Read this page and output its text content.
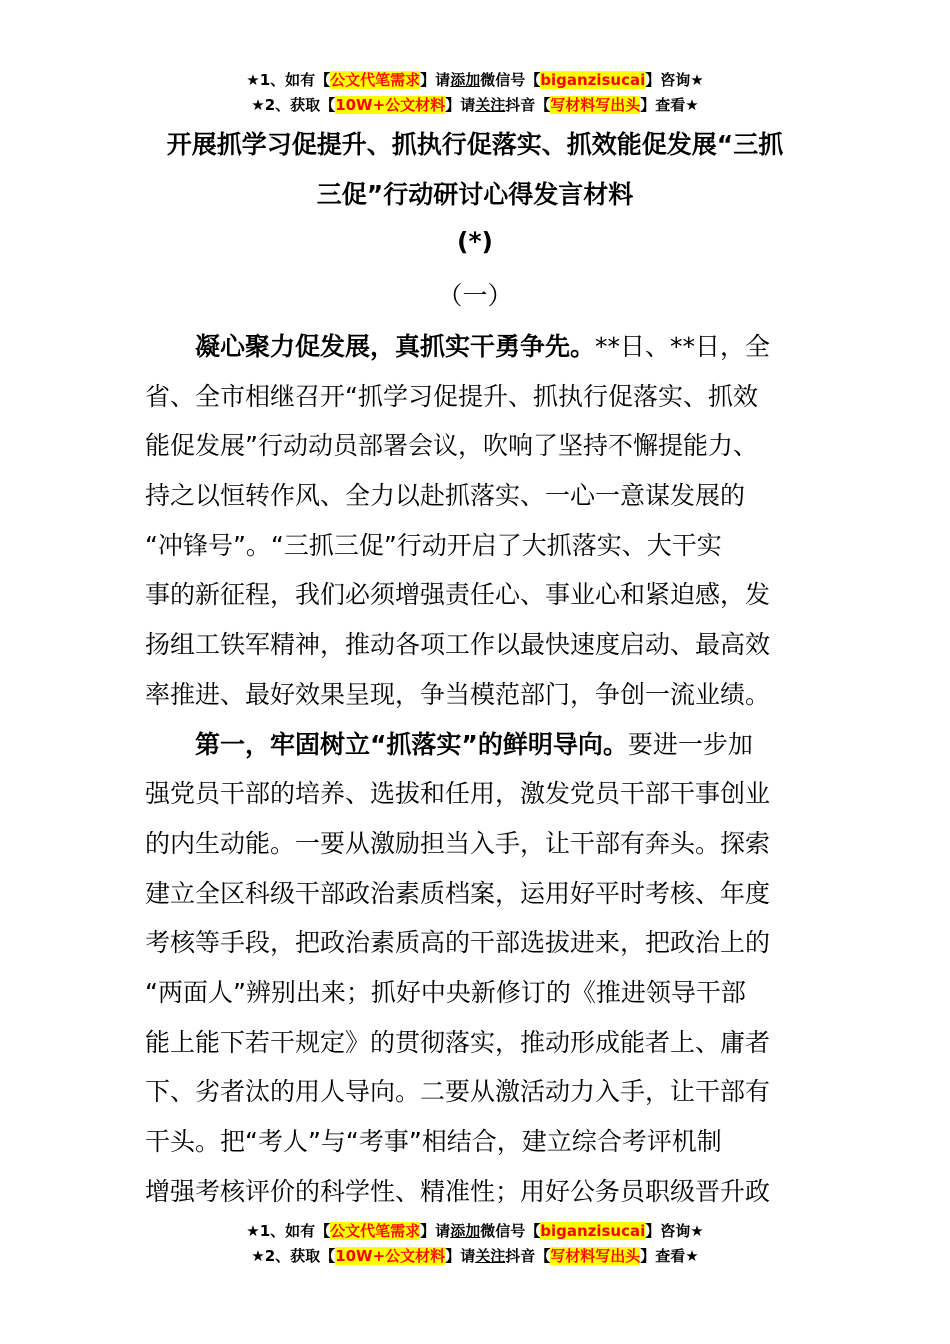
★1、如有【公文代笔需求】请添加微信号【biganzisucai】咨询★
★2、获取【10W+公文材料】请关注抖音【写材料写出头】查看★
开展抓学习促提升、抓执行促落实、抓效能促发展“三抓
三促”行动研讨心得发言材料
(*)
（一）
凝心聚力促发展，真抓实干勇争先。**日、**日，全
省、全市相继召开“抓学习促提升、抓执行促落实、抓效
能促发展”行动动员部署会议，吹响了坚持不懈提能力、
持之以恒转作风、全力以赴抓落实、一心一意谋发展的
“冲锋号”。“三抓三促”行动开启了大抓落实、大干实
事的新征程，我们必须增强责任心、事业心和紧迫感，发
扬组工铁军精神，推动各项工作以最快速度启动、最高效
率推进、最好效果呈现，争当模范部门，争创一流业绩。
第一，牢固树立“抓落实”的鲜明导向。要进一步加
强党员干部的培养、选拔和任用，激发党员干部干事创业
的内生动能。一要从激励担当入手，让干部有奔头。探索
建立全区科级干部政治素质档案，运用好平时考核、年度
考核等手段，把政治素质高的干部选拔进来，把政治上的
“两面人”辨别出来；抓好中央新修订的《推进领导干部
能上能下若干规定》的贯彻落实，推动形成能者上、庸者
下、劣者汰的用人导向。二要从激活动力入手，让干部有
干头。把“考人”与“考事”相结合，建立综合考评机制
增强考核评价的科学性、精准性；用好公务员职级晋升政
★1、如有【公文代笔需求】请添加微信号【biganzisucai】咨询★
★2、获取【10W+公文材料】请关注抖音【写材料写出头】查看★
